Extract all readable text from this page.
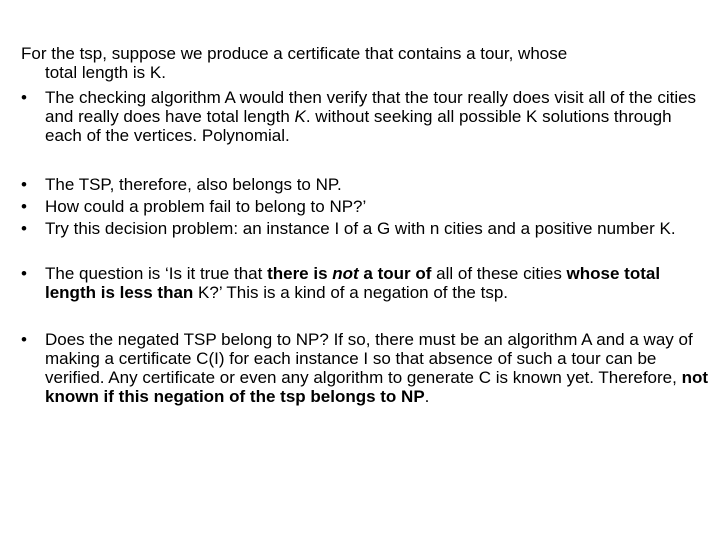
For the tsp, suppose we produce a certificate that contains a tour, whose
total length is K.
•	The checking algorithm A would then verify that the tour really does visit all of the cities and really does have total length K. without seeking all possible K solutions through each of the vertices. Polynomial.
•	The TSP, therefore, also belongs to NP.
•	How could a problem fail to belong to NP?’
•	Try this decision problem: an instance I of a G with n cities and a positive number K.
•	The question is ‘Is it true that there is not a tour of all of these cities whose total length is less than K?’ This is a kind of a negation of the tsp.
•	Does the negated TSP belong to NP? If so, there must be an algorithm A and a way of making a certificate C(I) for each instance I so that absence of such a tour can be verified. Any certificate or even any algorithm to generate C is known yet. Therefore, not known if this negation of the tsp belongs to NP.
